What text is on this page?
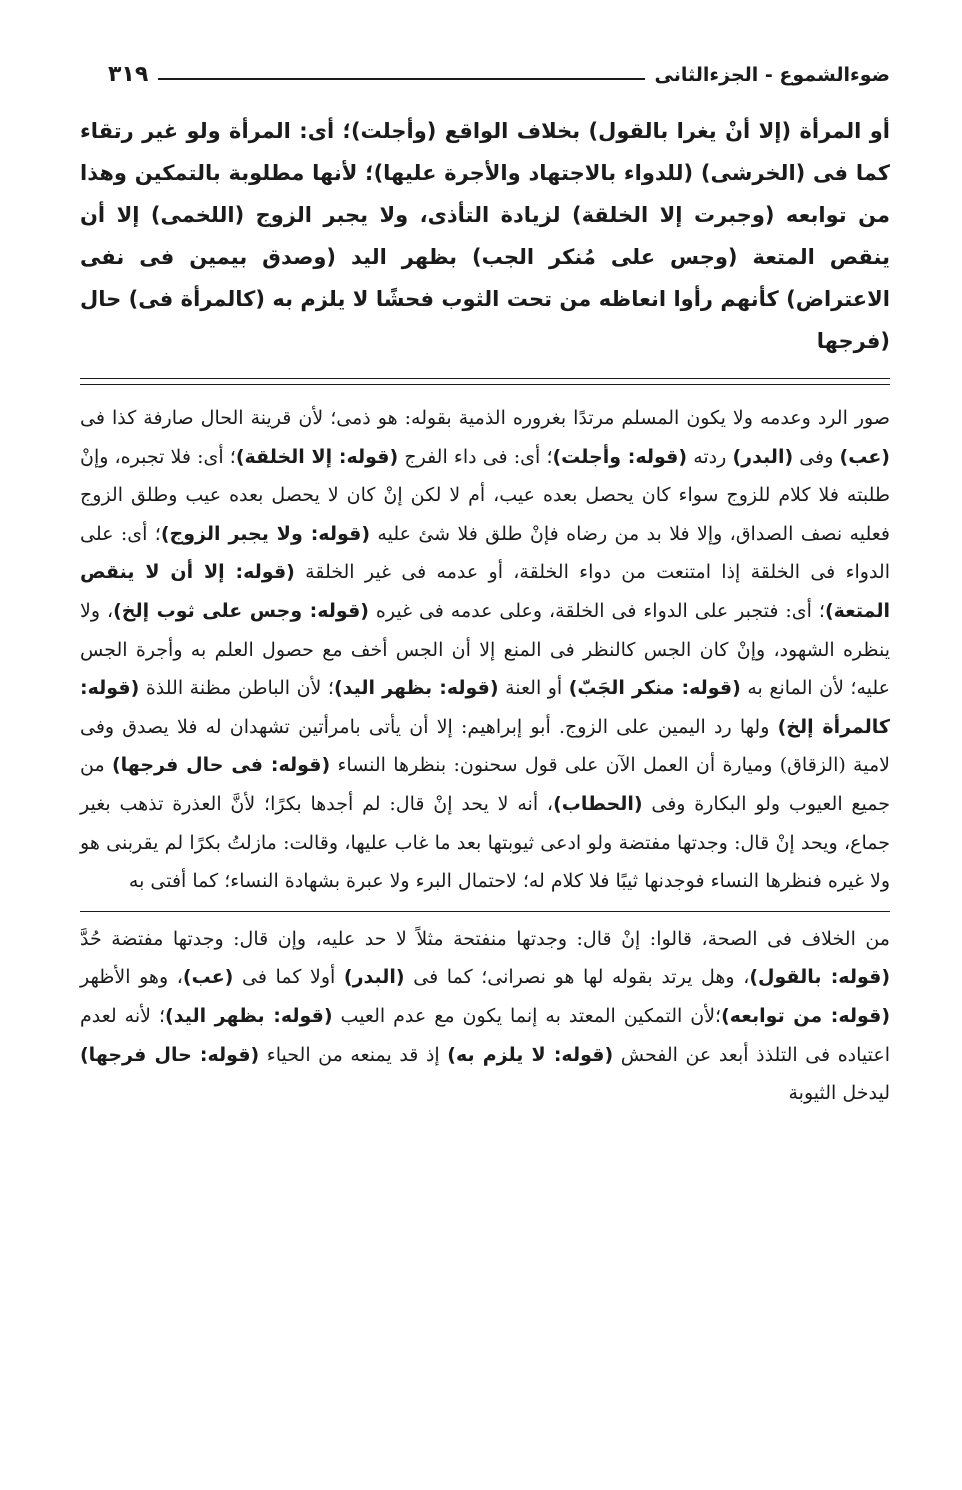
ضوءالشموع - الجزءالثانى
٣١٩

أو المرأة (إلا أنْ يغرا بالقول) بخلاف الواقع (وأجلت)؛ أى: المرأة ولو غير رتقاء كما فى (الخرشى) (للدواء بالاجتهاد والأجرة عليها)؛ لأنها مطلوبة بالتمكين وهذا من توابعه (وجبرت إلا الخلقة) لزيادة التأذى، ولا يجبر الزوج (اللخمى) إلا أن ينقص المتعة (وجس على مُنكر الجب) بظهر اليد (وصدق بيمين فى نفى الاعتراض) كأنهم رأوا انعاظه من تحت الثوب فحشًا لا يلزم به (كالمرأة فى) حال (فرجها

صور الرد وعدمه ولا يكون المسلم مرتدًا بغروره الذمية بقوله: هو ذمى؛ لأن قرينة الحال صارفة كذا فى (عب) وفى (البدر) ردته (قوله: وأجلت)؛ أى: فى داء الفرج (قوله: إلا الخلقة)؛ أى: فلا تجبره، وإنْ طلبته فلا كلام للزوج سواء كان يحصل بعده عيب، أم لا لكن إنْ كان لا يحصل بعده عيب وطلق الزوج فعليه نصف الصداق، وإلا فلا بد من رضاه فإنْ طلق فلا شئ عليه (قوله: ولا يجبر الزوج)؛ أى: على الدواء فى الخلقة إذا امتنعت من دواء الخلقة، أو عدمه فى غير الخلقة (قوله: إلا أن لا ينقص المتعة)؛ أى: فتجبر على الدواء فى الخلقة، وعلى عدمه فى غيره (قوله: وجس على ثوب إلخ)، ولا ينظره الشهود، وإنْ كان الجس كالنظر فى المنع إلا أن الجس أخف مع حصول العلم به وأجرة الجس عليه؛ لأن المانع به (قوله: منكر الجَبّ) أو العنة (قوله: بظهر اليد)؛ لأن الباطن مظنة اللذة (قوله: كالمرأة إلخ) ولها رد اليمين على الزوج. أبو إبراهيم: إلا أن يأتى بامرأتين تشهدان له فلا يصدق وفى لامية (الزقاق) وميارة أن العمل الآن على قول سحنون: بنظرها النساء (قوله: فى حال فرجها) من جميع العيوب ولو البكارة وفى (الحطاب)، أنه لا يحد إنْ قال: لم أجدها بكرًا؛ لأنَّ العذرة تذهب بغير جماع، ويحد إنْ قال: وجدتها مفتضة ولو ادعى ثيوبتها بعد ما غاب عليها، وقالت: مازلتُ بكرًا لم يقربنى هو ولا غيره فنظرها النساء فوجدنها ثيبًا فلا كلام له؛ لاحتمال البرء ولا عبرة بشهادة النساء؛ كما أفتى به

من الخلاف فى الصحة، قالوا: إنْ قال: وجدتها منفتحة مثلاً لا حد عليه، وإن قال: وجدتها مفتضة حُدَّ (قوله: بالقول)، وهل يرتد بقوله لها هو نصرانى؛ كما فى (البدر) أولا كما فى (عب)، وهو الأظهر (قوله: من توابعه)؛لأن التمكين المعتد به إنما يكون مع عدم العيب (قوله: بظهر اليد)؛ لأنه لعدم اعتياده فى التلذذ أبعد عن الفحش (قوله: لا يلزم به) إذ قد يمنعه من الحياء (قوله: حال فرجها) ليدخل الثيوبة
